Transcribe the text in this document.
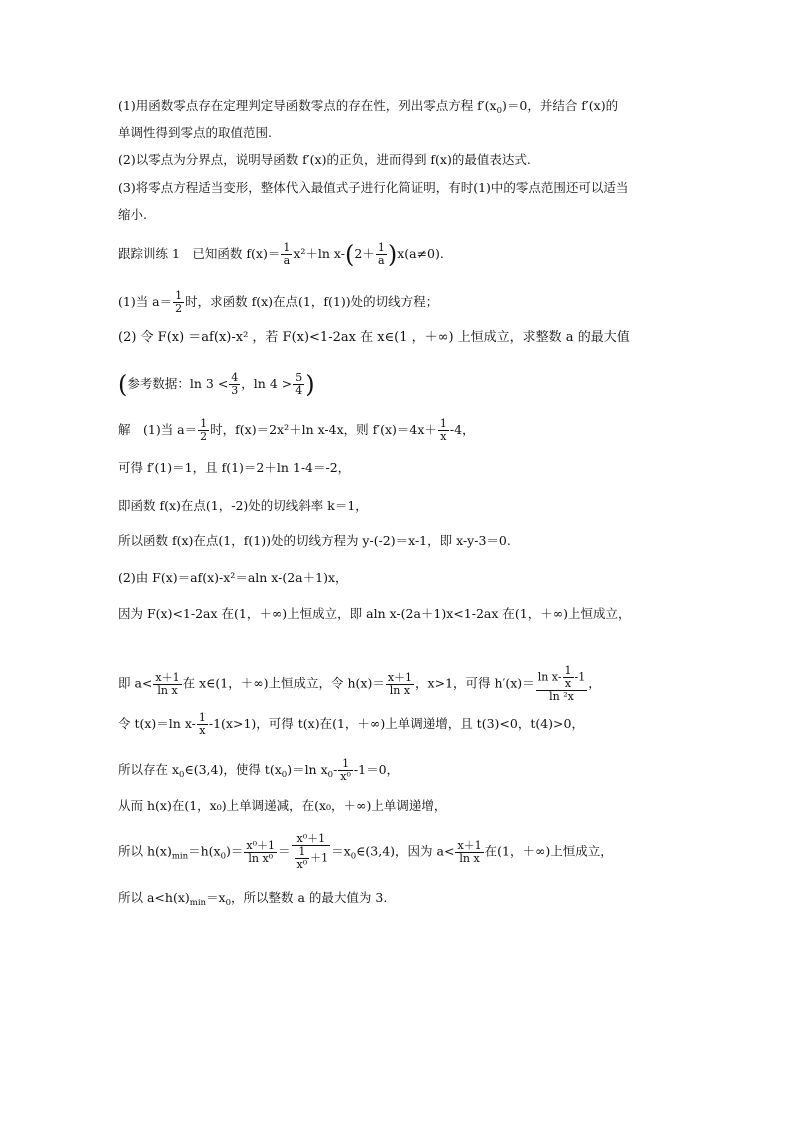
(1)用函数零点存在定理判定导函数零点的存在性，列出零点方程 $f'(x_0)=0$，并结合 f′(x)的
单调性得到零点的取值范围.
(2)以零点为分界点，说明导函数 f′(x)的正负，进而得到 f(x)的最值表达式.
(3)将零点方程适当变形，整体代入最值式子进行化简证明，有时(1)中的零点范围还可以适当
缩小.
跟踪训练 1　已知函数 $f(x)= \frac{1}{a} x^2+\ln$ $x-(2+ \frac{1}{a} )x(a\ne 0)$.
(1)当 $a= \frac{1}{2}$ 时，求函数 f(x)在点(1，f(1))处的切线方程；
(2) 令 F(x) ＝af(x)-x² ，若 F(x)<1-2ax 在 x∈(1 ，＋∞) 上恒成立，求整数 a 的最大值
(参考数据：$\ln 3 < \frac{4}{3}$ ，$\ln 4 > \frac{5}{4}$ )
解　(1)当 $a= \frac{1}{2}$ 时，f(x)＝2x²＋ln x-4x，则 $f'(x)=4x+ \frac{1}{x} -4$，
可得 f′(1)＝1，且 f(1)＝2＋ln 1-4＝-2，
即函数 f(x)在点(1，-2)处的切线斜率 k＝1，
所以函数 f(x)在点(1，f(1))处的切线方程为 y-(-2)＝x-1，即 x-y-3＝0.
(2)由 F(x)＝af(x)-x²＝aln x-(2a＋1)x，
因为 F(x)<1-2ax 在(1，＋∞)上恒成立，即 aln x-(2a＋1)x<1-2ax 在(1，＋∞)上恒成立，
即 $a< \frac{x+1}{\text{ln x}}$ 在 x∈(1，＋∞)上恒成立，令 $h(x)= \frac{x+1}{\text{ln x}}$ ，x>1，可得 $h'(x)= \frac{\ln x- \frac{1}{x} -1}{\text{ln ²x}}$ ，
令 t(x)＝ln $x- \frac{1}{x} -1(x>1)$，可得 t(x)在(1，＋∞)上单调递增，且 t(3)<0，t(4)>0，
所以存在 $x_0\in(3,4)$，使得 $t(x_0)=\ln$ $x_0- \frac{1}{\text{x⁰}} -1=0$，
从而 h(x)在(1，x₀)上单调递减，在(x₀，＋∞)上单调递增，
所以 $h(x)_{min}=h(x_0)= \frac{\text{x⁰＋1}}{\text{ln x⁰}} = \frac{\text{x⁰＋1}}{\frac{1}{\text{x⁰}} +1}$ $=x_0\in(3,4)$，因为 $a< \frac{x+1}{\text{ln x}}$ 在(1，＋∞)上恒成立，
所以 $a<h(x)_{min}=x_0$，所以整数 a 的最大值为 3.
